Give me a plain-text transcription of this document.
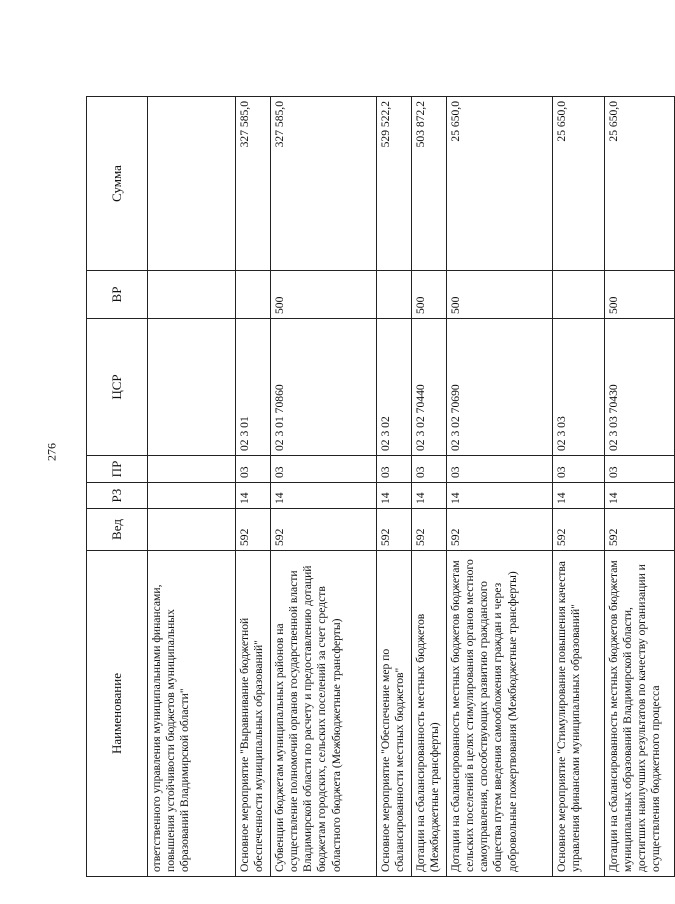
276
Наименование	Вед	РЗ	ПР	ЦСР	ВР	Сумма
ответственного управления муниципальными финансами, повышения устойчивости бюджетов муниципальных образований Владимирской области"						
Основное мероприятие "Выравнивание бюджетной обеспеченности муниципальных образований"	592	14	03	02 3 01		327 585,0
Субвенции бюджетам муниципальных районов на осуществление полномочий органов государственной власти Владимирской области по расчету и предоставлению дотаций бюджетам городских, сельских поселений за счет средств областного бюджета (Межбюджетные трансферты)	592	14	03	02 3 01 70860	500	327 585,0
Основное мероприятие "Обеспечение мер по сбалансированности местных бюджетов"	592	14	03	02 3 02		529 522,2
Дотации на сбалансированность местных бюджетов (Межбюджетные трансферты)	592	14	03	02 3 02 70440	500	503 872,2
Дотации на сбалансированность местных бюджетов бюджетам сельских поселений в целях стимулирования органов местного самоуправления, способствующих развитию гражданского общества путем введения самообложения граждан и через добровольные пожертвования (Межбюджетные трансферты)	592	14	03	02 3 02 70690	500	25 650,0
Основное мероприятие "Стимулирование повышения качества управления финансами муниципальных образований"	592	14	03	02 3 03		25 650,0
Дотации на сбалансированность местных бюджетов бюджетам муниципальных образований Владимирской области, достигших наилучших результатов по качеству организации и осуществления бюджетного процесса	592	14	03	02 3 03 70430	500	25 650,0
